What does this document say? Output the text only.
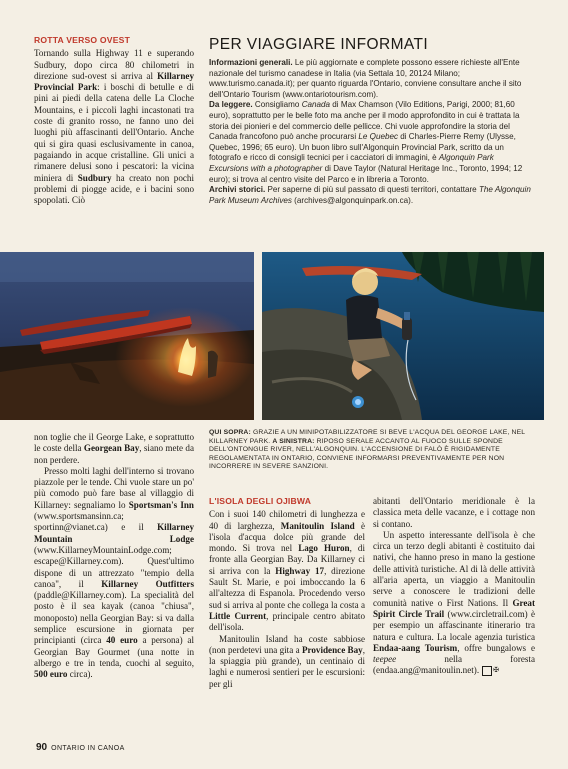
ROTTA VERSO OVEST

Tornando sulla Highway 11 e superando Sudbury, dopo circa 80 chilometri in direzione sud-ovest si arriva al Killarney Provincial Park: i boschi di betulle e di pini ai piedi della catena delle La Cloche Mountains, e i piccoli laghi incastonati tra coste di granito rosso, ne fanno uno dei luoghi più affascinanti dell'Ontario. Anche qui si gira quasi esclusivamente in canoa, pagaiando in acque cristalline. Gli unici a rimanere delusi sono i pescatori: la vicina miniera di Sudbury ha creato non pochi problemi di piogge acide, e i bacini sono spopolati. Ciò

PER VIAGGIARE INFORMATI

Informazioni generali. Le più aggiornate e complete possono essere richieste all'Ente nazionale del turismo canadese in Italia (via Settala 10, 20124 Milano; www.turismo.canada.it); per quanto riguarda l'Ontario, conviene consultare anche il sito dell'Ontario Tourism (www.ontariotourism.com).

Da leggere. Consigliamo Canada di Max Chamson (Vilo Editions, Parigi, 2000; 81,60 euro), soprattutto per le belle foto ma anche per il modo approfondito in cui è trattata la storia dei pionieri e del commercio delle pellicce. Chi vuole approfondire la storia del Canada francofono può anche procurarsi Le Quebec di Charles-Pierre Remy (Ulysse, Quebec, 1996; 65 euro). Un buon libro sull'Algonquin Provincial Park, scritto da un fotografo e ricco di consigli tecnici per i cacciatori di immagini, è Algonquin Park Excursions with a photographer di Dave Taylor (Natural Heritage Inc., Toronto, 1994; 12 euro); si trova al centro visite del Parco e in libreria a Toronto.

Archivi storici. Per saperne di più sul passato di questi territori, contattare The Algonquin Park Museum Archives (archives@algonquinpark.on.ca).

non toglie che il George Lake, e soprattutto le coste della Georgean Bay, siano mete da non perdere.

Presso molti laghi dell'interno si trovano piazzole per le tende. Chi vuole stare un po' più comodo può fare base al villaggio di Killarney: segnaliamo lo Sportsman's Inn (www.sportsmansinn.ca; sportinn@vianet.ca) e il Killarney Mountain Lodge (www.KillarneyMountainLodge.com; escape@Killarney.com). Quest'ultimo dispone di un attrezzato "tempio della canoa", il Killarney Outfitters (paddle@Killarney.com). La specialità del posto è il sea kayak (canoa "chiusa", monoposto) nella Georgian Bay: si va dalla semplice escursione in giornata per principianti (circa 40 euro a persona) al Georgian Bay Gourmet (una notte in albergo e tre in tenda, cuochi al seguito, 500 euro circa).

QUI SOPRA: GRAZIE A UN MINIPOTABILIZZATORE SI BEVE L'ACQUA DEL GEORGE LAKE, NEL KILLARNEY PARK. A SINISTRA: RIPOSO SERALE ACCANTO AL FUOCO SULLE SPONDE DELL'ONTONGUE RIVER, NELL'ALGONQUIN. L'ACCENSIONE DI FALÒ È RIGIDAMENTE REGOLAMENTATA IN ONTARIO, CONVIENE INFORMARSI PREVENTIVAMENTE PER NON INCORRERE IN SEVERE SANZIONI.
L'ISOLA DEGLI OJIBWA

Con i suoi 140 chilometri di lunghezza e 40 di larghezza, Manitoulin Island è l'isola d'acqua dolce più grande del mondo. Si trova nel Lago Huron, di fronte alla Georgian Bay. Da Killarney ci si arriva con la Highway 17, direzione Sault St. Marie, e poi imboccando la 6 all'altezza di Espanola. Procedendo verso sud si arriva al ponte che collega la costa a Little Current, principale centro abitato dell'isola.

Manitoulin Island ha coste sabbiose (non perdetevi una gita a Providence Bay, la spiaggia più grande), un centinaio di laghi e numerosi sentieri per le escursioni: per gli

abitanti dell'Ontario meridionale è la classica meta delle vacanze, e i cottage non si contano.

Un aspetto interessante dell'isola è che circa un terzo degli abitanti è costituito dai nativi, che hanno preso in mano la gestione delle attività turistiche. Al di là delle attività all'aria aperta, un viaggio a Manitoulin serve a conoscere le tradizioni delle comunità native o First Nations. Il Great Spirit Circle Trail (www.circletrail.com) è per esempio un affascinante itinerario tra natura e cultura. La locale agenzia turistica Endaa-aang Tourism, offre bungalows e teepee nella foresta (endaa.ang@manitoulin.net). ✠

90 ONTARIO IN CANOA
